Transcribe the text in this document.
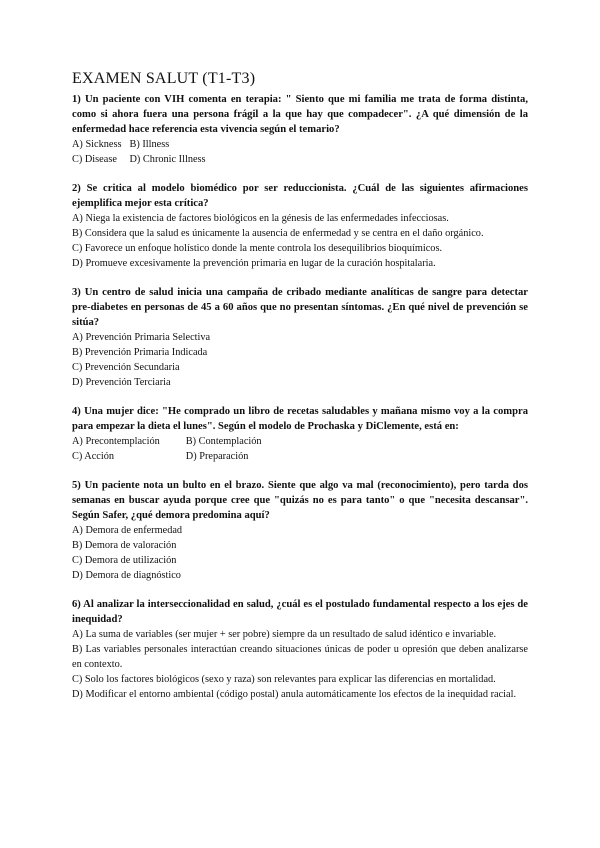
EXAMEN SALUT (T1-T3)

1) Un paciente con VIH comenta en terapia: " Siento que mi familia me trata de forma distinta, como si ahora fuera una persona frágil a la que hay que compadecer". ¿A qué dimensión de la enfermedad hace referencia esta vivencia según el temario?

A) Sickness B) Illness
C) Disease	D) Chronic Illness

2) Se critica al modelo biomédico por ser reduccionista. ¿Cuál de las siguientes afirmaciones ejemplifica mejor esta crítica?

A) Niega la existencia de factores biológicos en la génesis de las enfermedades infecciosas.
B) Considera que la salud es únicamente la ausencia de enfermedad y se centra en el daño orgánico.
C) Favorece un enfoque holístico donde la mente controla los desequilibrios bioquímicos.
D) Promueve excesivamente la prevención primaria en lugar de la curación hospitalaria.

3) Un centro de salud inicia una campaña de cribado mediante analíticas de sangre para detectar pre-diabetes en personas de 45 a 60 años que no presentan síntomas. ¿En qué nivel de prevención se sitúa?

A) Prevención Primaria Selectiva
B) Prevención Primaria Indicada
C) Prevención Secundaria
D) Prevención Terciaria

4) Una mujer dice: "He comprado un libro de recetas saludables y mañana mismo voy a la compra para empezar la dieta el lunes". Según el modelo de Prochaska y DiClemente, está en:

A) Precontemplación	B) Contemplación
C) Acción	D) Preparación

5) Un paciente nota un bulto en el brazo. Siente que algo va mal (reconocimiento), pero tarda dos semanas en buscar ayuda porque cree que "quizás no es para tanto" o que "necesita descansar". Según Safer, ¿qué demora predomina aquí?

A) Demora de enfermedad
B) Demora de valoración
C) Demora de utilización
D) Demora de diagnóstico

6) Al analizar la interseccionalidad en salud, ¿cuál es el postulado fundamental respecto a los ejes de inequidad?

A) La suma de variables (ser mujer + ser pobre) siempre da un resultado de salud idéntico e invariable.
B) Las variables personales interactúan creando situaciones únicas de poder u opresión que deben analizarse en contexto.
C) Solo los factores biológicos (sexo y raza) son relevantes para explicar las diferencias en mortalidad.
D) Modificar el entorno ambiental (código postal) anula automáticamente los efectos de la inequidad racial.
